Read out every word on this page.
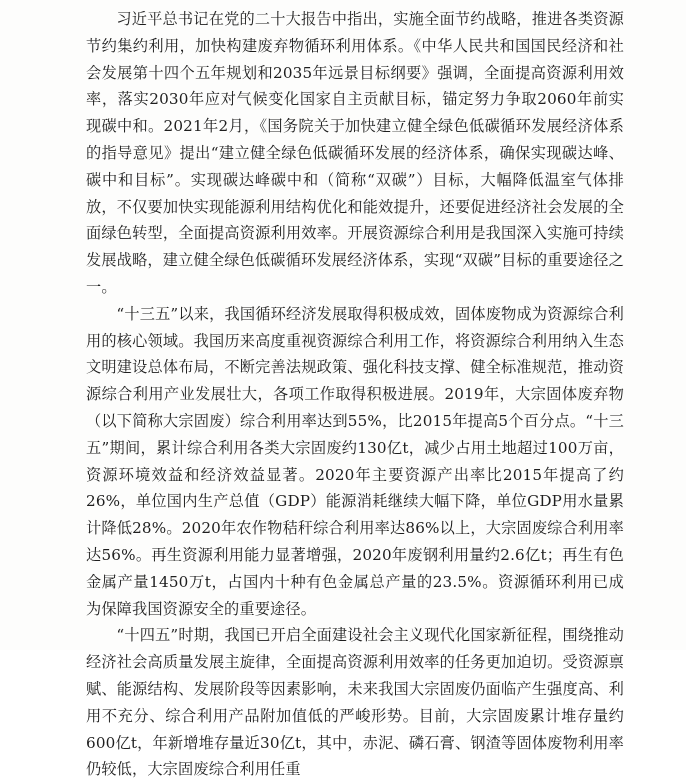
习近平总书记在党的二十大报告中指出，实施全面节约战略，推进各类资源节约集约利用，加快构建废弃物循环利用体系。《中华人民共和国国民经济和社会发展第十四个五年规划和2035年远景目标纲要》强调，全面提高资源利用效率，落实2030年应对气候变化国家自主贡献目标，锚定努力争取2060年前实现碳中和。2021年2月，《国务院关于加快建立健全绿色低碳循环发展经济体系的指导意见》提出“建立健全绿色低碳循环发展的经济体系，确保实现碳达峰、碳中和目标”。实现碳达峰碳中和（简称“双碳”）目标，大幅降低温室气体排放，不仅要加快实现能源利用结构优化和能效提升，还要促进经济社会发展的全面绿色转型，全面提高资源利用效率。开展资源综合利用是我国深入实施可持续发展战略，建立健全绿色低碳循环发展经济体系，实现“双碳”目标的重要途径之一。

“十三五”以来，我国循环经济发展取得积极成效，固体废物成为资源综合利用的核心领域。我国历来高度重视资源综合利用工作，将资源综合利用纳入生态文明建设总体布局，不断完善法规政策、强化科技支撑、健全标准规范，推动资源综合利用产业发展壮大，各项工作取得积极进展。2019年，大宗固体废弃物（以下简称大宗固废）综合利用率达到55%，比2015年提高5个百分点。“十三五”期间，累计综合利用各类大宗固废约130亿t，减少占用土地超过100万亩，资源环境效益和经济效益显著。2020年主要资源产出率比2015年提高了约26%，单位国内生产总值（GDP）能源消耗继续大幅下降，单位GDP用水量累计降低28%。2020年农作物秸秆综合利用率达86%以上，大宗固废综合利用率达56%。再生资源利用能力显著增强，2020年废钢利用量约2.6亿t；再生有色金属产量1450万t，占国内十种有色金属总产量的23.5%。资源循环利用已成为保障我国资源安全的重要途径。

“十四五”时期，我国已开启全面建设社会主义现代化国家新征程，围绕推动经济社会高质量发展主旋律，全面提高资源利用效率的任务更加迫切。受资源禀赋、能源结构、发展阶段等因素影响，未来我国大宗固废仍面临产生强度高、利用不充分、综合利用产品附加值低的严峻形势。目前，大宗固废累计堆存量约600亿t，年新增堆存量近30亿t，其中，赤泥、磷石膏、钢渣等固体废物利用率仍较低，大宗固废综合利用任重
